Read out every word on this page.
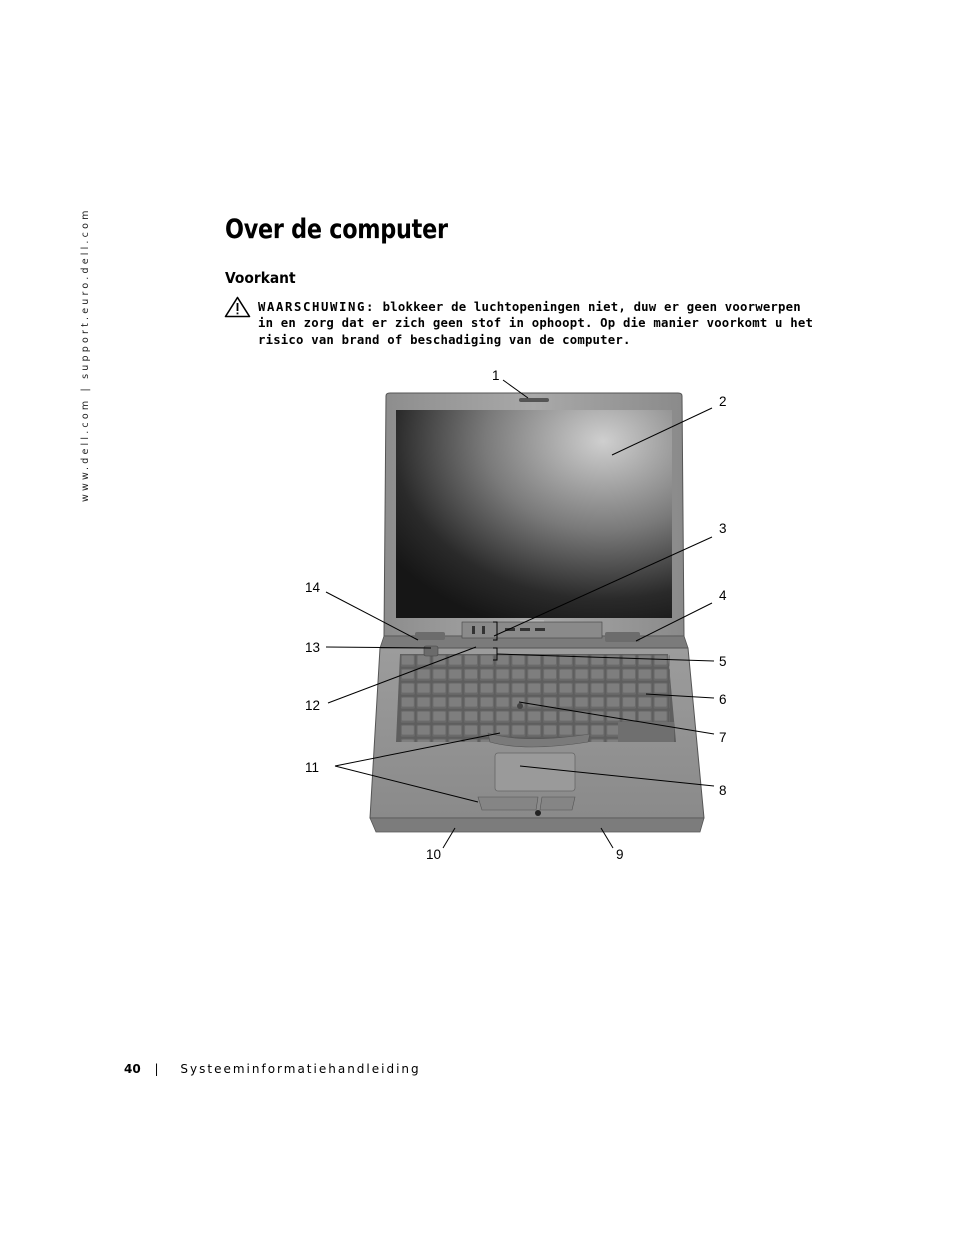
www.dell.com | support.euro.dell.com	Over de computer
Voorkant
WAARSCHUWING: blokkeer de luchtopeningen niet, duw er geen voorwerpen in en zorg dat er zich geen stof in ophoopt. Op die manier voorkomt u het risico van brand of beschadiging van de computer.
1
2
3
4
5
6
7
8
9
10
11
12
13
14
40 | Systeeminformatiehandleiding
